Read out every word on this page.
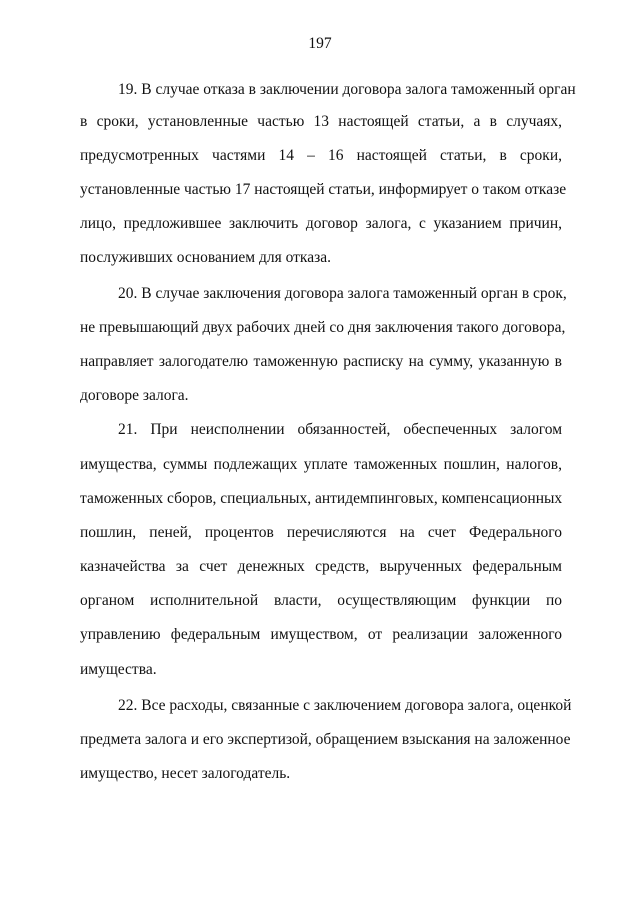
197
19. В случае отказа в заключении договора залога таможенный орган
в сроки, установленные частью 13 настоящей статьи, а в случаях,
предусмотренных частями 14 – 16 настоящей статьи, в сроки,
установленные частью 17 настоящей статьи, информирует о таком отказе
лицо, предложившее заключить договор залога, с указанием причин,
послуживших основанием для отказа.
20. В случае заключения договора залога таможенный орган в срок,
не превышающий двух рабочих дней со дня заключения такого договора,
направляет залогодателю таможенную расписку на сумму, указанную в
договоре залога.
21. При неисполнении обязанностей, обеспеченных залогом
имущества, суммы подлежащих уплате таможенных пошлин, налогов,
таможенных сборов, специальных, антидемпинговых, компенсационных
пошлин, пеней, процентов перечисляются на счет Федерального
казначейства за счет денежных средств, вырученных федеральным
органом исполнительной власти, осуществляющим функции по
управлению федеральным имуществом, от реализации заложенного
имущества.
22. Все расходы, связанные с заключением договора залога, оценкой
предмета залога и его экспертизой, обращением взыскания на заложенное
имущество, несет залогодатель.
